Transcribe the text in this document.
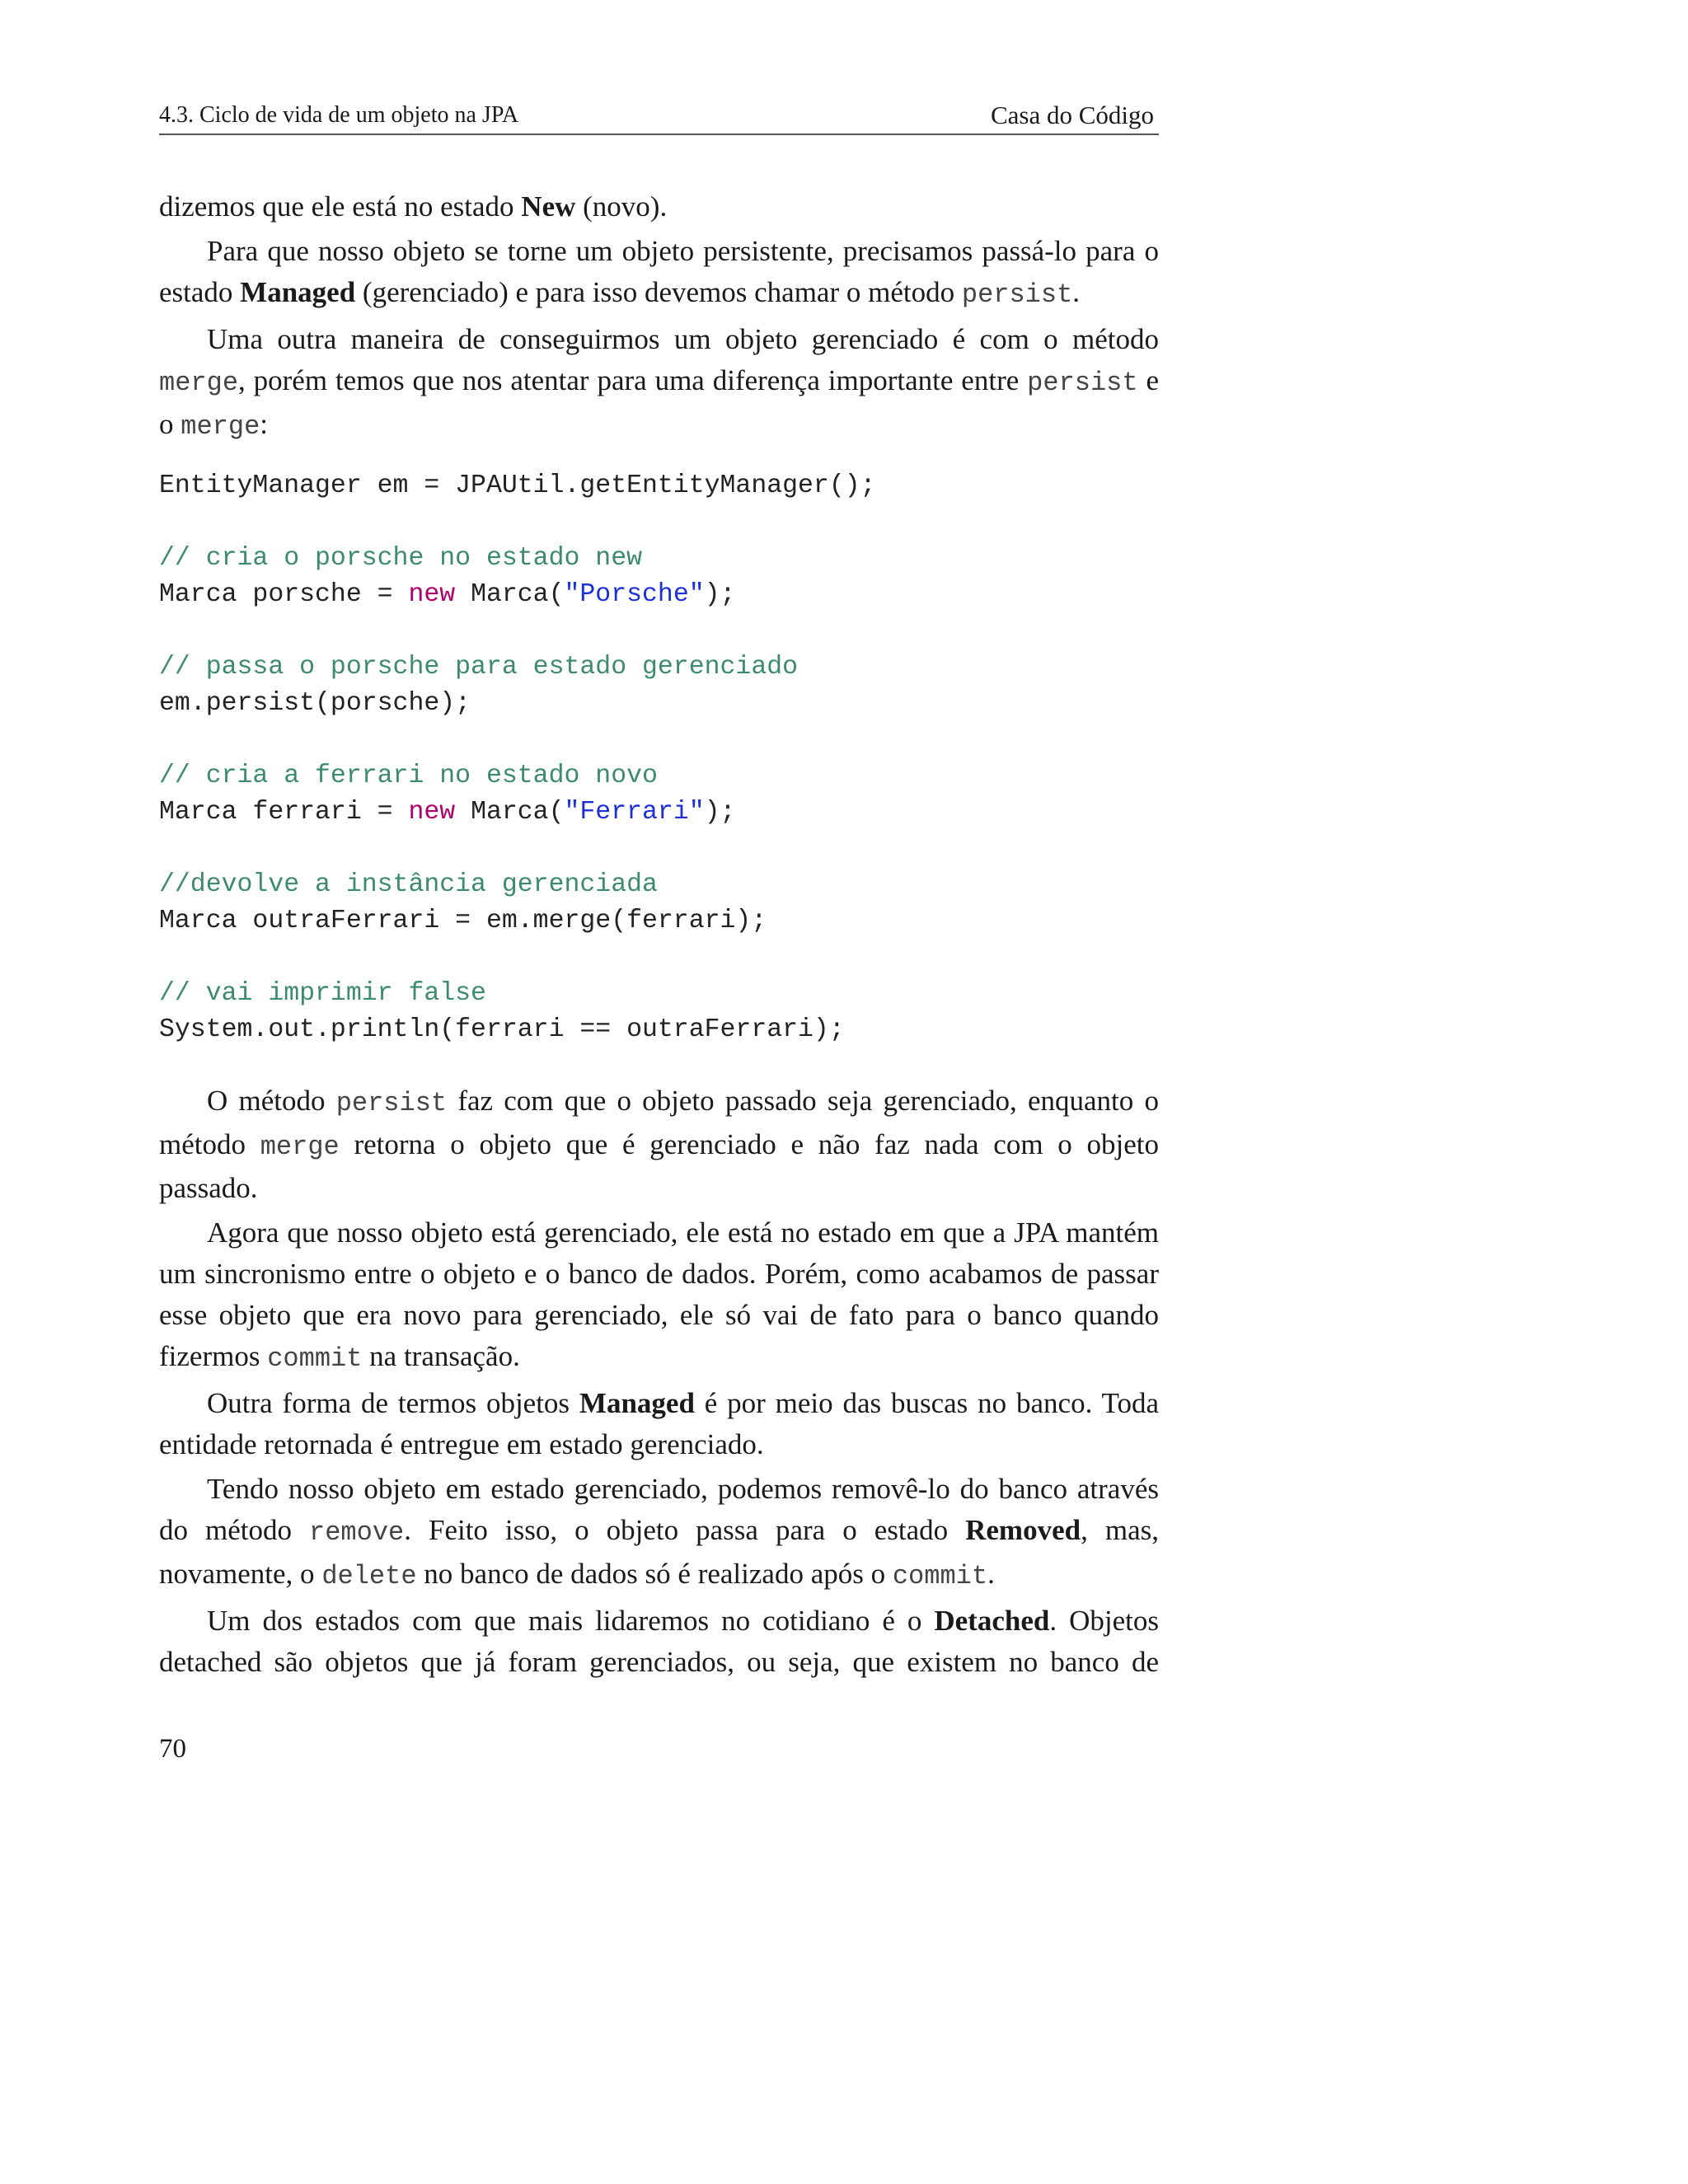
4.3. Ciclo de vida de um objeto na JPA	Casa do Código

dizemos que ele está no estado New (novo).

Para que nosso objeto se torne um objeto persistente, precisamos passá-lo para o estado Managed (gerenciado) e para isso devemos chamar o método persist.

Uma outra maneira de conseguirmos um objeto gerenciado é com o método merge, porém temos que nos atentar para uma diferença importante entre persist e o merge:

EntityManager em = JPAUtil.getEntityManager();

// cria o porsche no estado new
Marca porsche = new Marca("Porsche");

// passa o porsche para estado gerenciado
em.persist(porsche);

// cria a ferrari no estado novo
Marca ferrari = new Marca("Ferrari");

//devolve a instância gerenciada
Marca outraFerrari = em.merge(ferrari);

// vai imprimir false
System.out.println(ferrari == outraFerrari);

O método persist faz com que o objeto passado seja gerenciado, enquanto o método merge retorna o objeto que é gerenciado e não faz nada com o objeto passado.

Agora que nosso objeto está gerenciado, ele está no estado em que a JPA mantém um sincronismo entre o objeto e o banco de dados. Porém, como acabamos de passar esse objeto que era novo para gerenciado, ele só vai de fato para o banco quando fizermos commit na transação.

Outra forma de termos objetos Managed é por meio das buscas no banco. Toda entidade retornada é entregue em estado gerenciado.

Tendo nosso objeto em estado gerenciado, podemos removê-lo do banco através do método remove. Feito isso, o objeto passa para o estado Removed, mas, novamente, o delete no banco de dados só é realizado após o commit.

Um dos estados com que mais lidaremos no cotidiano é o Detached. Objetos detached são objetos que já foram gerenciados, ou seja, que existem no banco de

70
